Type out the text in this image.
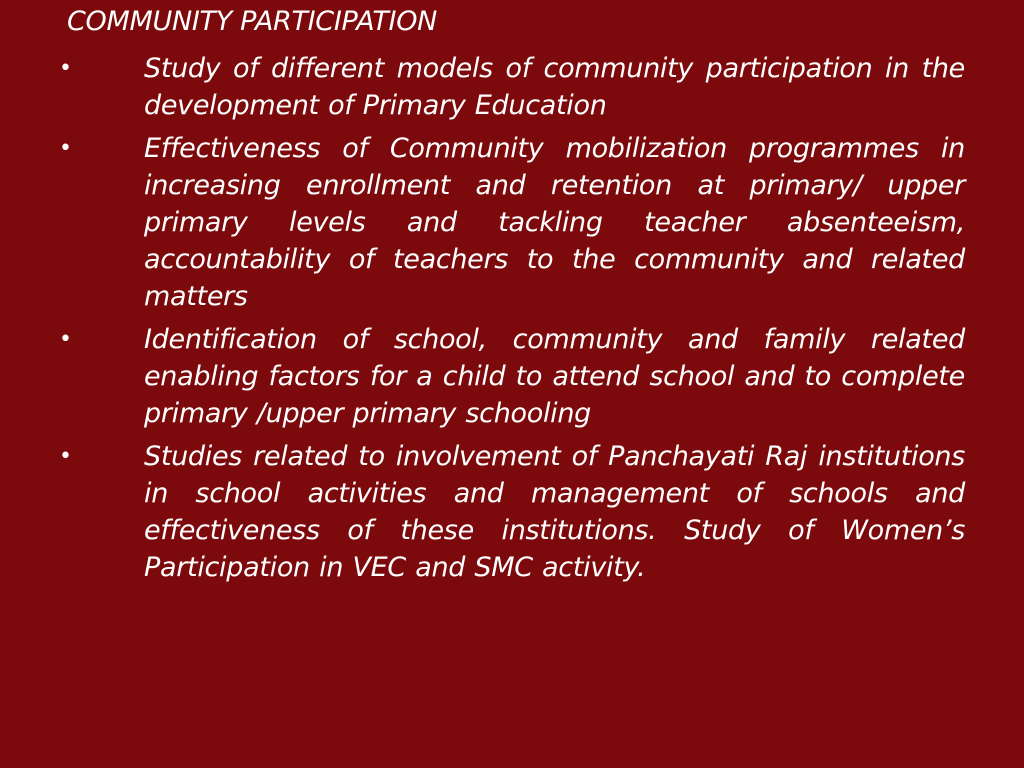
COMMUNITY PARTICIPATION
•	Study of different models of community participation in the development of Primary Education
•	Effectiveness of Community mobilization programmes in increasing enrollment and retention at primary/ upper primary levels and tackling teacher absenteeism, accountability of teachers to the community and related matters
•	Identification of school, community and family related enabling factors for a child to attend school and to complete primary /upper primary schooling
•	Studies related to involvement of Panchayati Raj institutions in school activities and management of schools and effectiveness of these institutions. Study of Women’s Participation in VEC and SMC activity.
